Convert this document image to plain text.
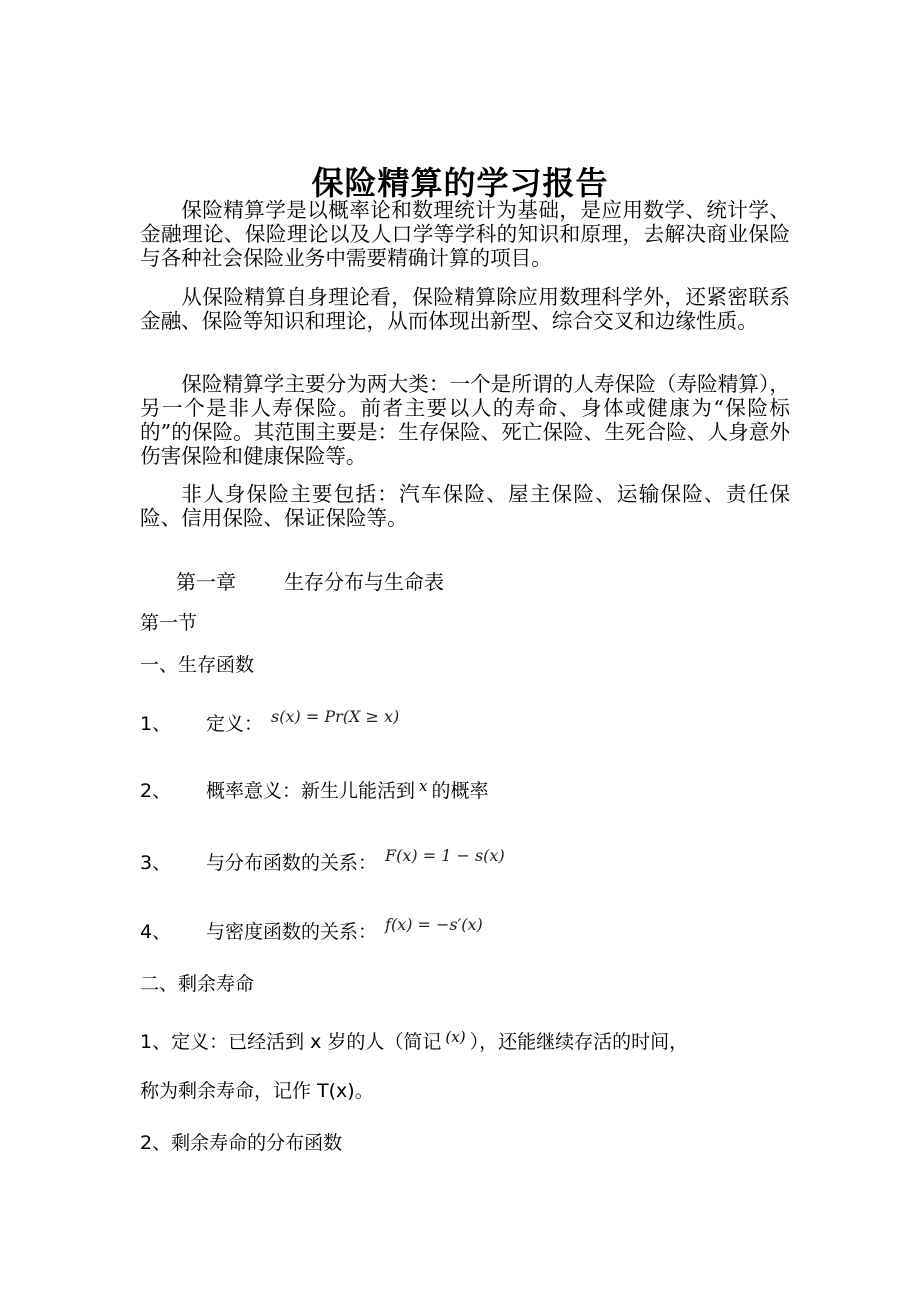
保险精算的学习报告

保险精算学是以概率论和数理统计为基础，是应用数学、统计学、金融理论、保险理论以及人口学等学科的知识和原理，去解决商业保险与各种社会保险业务中需要精确计算的项目。

从保险精算自身理论看，保险精算除应用数理科学外，还紧密联系金融、保险等知识和理论，从而体现出新型、综合交叉和边缘性质。

保险精算学主要分为两大类：一个是所谓的人寿保险（寿险精算），另一个是非人寿保险。前者主要以人的寿命、身体或健康为“保险标的”的保险。其范围主要是：生存保险、死亡保险、生死合险、人身意外伤害保险和健康保险等。

非人身保险主要包括：汽车保险、屋主保险、运输保险、责任保险、信用保险、保证保险等。

第一章 生存分布与生命表
第一节
一、生存函数
1、 定义： $^{s(x) = Pr(X \ge x)}$
2、 概率意义：新生儿能活到 $^x$ 的概率
3、 与分布函数的关系： $^{F(x) = 1 - s(x)}$
4、 与密度函数的关系： $^{f(x) = -s'(x)}$
二、剩余寿命
1、定义：已经活到 x 岁的人（简记 $^{(x)}$ ），还能继续存活的时间，
称为剩余寿命，记作 T(x)。
2、剩余寿命的分布函数
